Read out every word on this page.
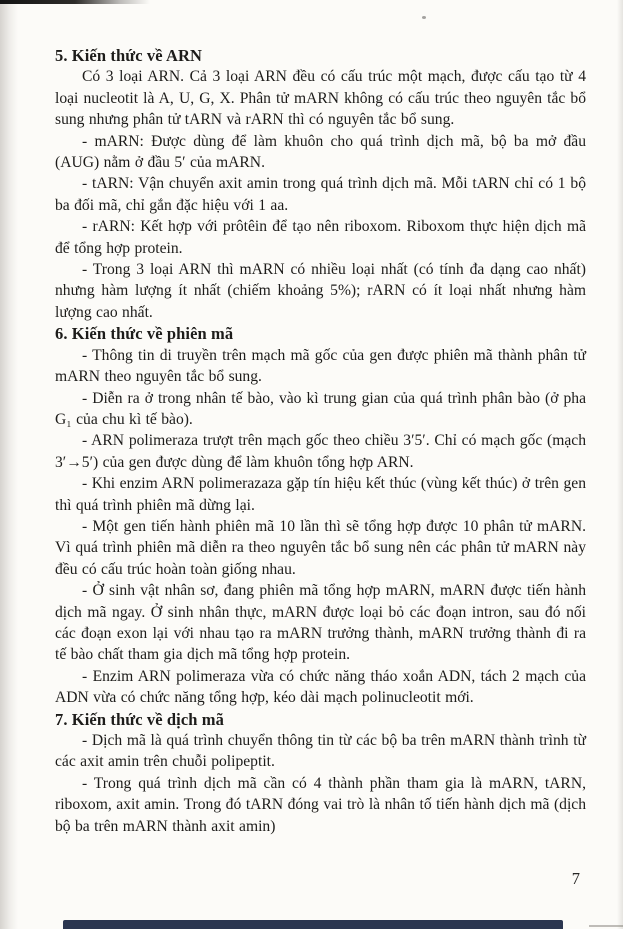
5. Kiến thức về ARN

Có 3 loại ARN. Cả 3 loại ARN đều có cấu trúc một mạch, được cấu tạo từ 4 loại nucleotit là A, U, G, X. Phân tử mARN không có cấu trúc theo nguyên tắc bổ sung nhưng phân tử tARN và rARN thì có nguyên tắc bổ sung.

- mARN: Được dùng để làm khuôn cho quá trình dịch mã, bộ ba mở đầu (AUG) nằm ở đầu 5′ của mARN.

- tARN: Vận chuyển axit amin trong quá trình dịch mã. Mỗi tARN chỉ có 1 bộ ba đối mã, chỉ gắn đặc hiệu với 1 aa.

- rARN: Kết hợp với prôtêin để tạo nên riboxom. Riboxom thực hiện dịch mã để tổng hợp protein.

- Trong 3 loại ARN thì mARN có nhiều loại nhất (có tính đa dạng cao nhất) nhưng hàm lượng ít nhất (chiếm khoảng 5%); rARN có ít loại nhất nhưng hàm lượng cao nhất.

6. Kiến thức về phiên mã

- Thông tin di truyền trên mạch mã gốc của gen được phiên mã thành phân tử mARN theo nguyên tắc bổ sung.

- Diễn ra ở trong nhân tế bào, vào kì trung gian của quá trình phân bào (ở pha G₁ của chu kì tế bào).

- ARN polimeraza trượt trên mạch gốc theo chiều 3′5′. Chỉ có mạch gốc (mạch 3′→5′) của gen được dùng để làm khuôn tổng hợp ARN.

- Khi enzim ARN polimerazaza gặp tín hiệu kết thúc (vùng kết thúc) ở trên gen thì quá trình phiên mã dừng lại.

- Một gen tiến hành phiên mã 10 lần thì sẽ tổng hợp được 10 phân tử mARN. Vì quá trình phiên mã diễn ra theo nguyên tắc bổ sung nên các phân tử mARN này đều có cấu trúc hoàn toàn giống nhau.

- Ở sinh vật nhân sơ, đang phiên mã tổng hợp mARN, mARN được tiến hành dịch mã ngay. Ở sinh nhân thực, mARN được loại bỏ các đoạn intron, sau đó nối các đoạn exon lại với nhau tạo ra mARN trưởng thành, mARN trưởng thành đi ra tế bào chất tham gia dịch mã tổng hợp protein.

- Enzim ARN polimeraza vừa có chức năng tháo xoắn ADN, tách 2 mạch của ADN vừa có chức năng tổng hợp, kéo dài mạch polinucleotit mới.

7. Kiến thức về dịch mã

- Dịch mã là quá trình chuyển thông tin từ các bộ ba trên mARN thành trình từ các axit amin trên chuỗi polipeptit.

- Trong quá trình dịch mã cần có 4 thành phần tham gia là mARN, tARN, riboxom, axit amin. Trong đó tARN đóng vai trò là nhân tố tiến hành dịch mã (dịch bộ ba trên mARN thành axit amin)

7
